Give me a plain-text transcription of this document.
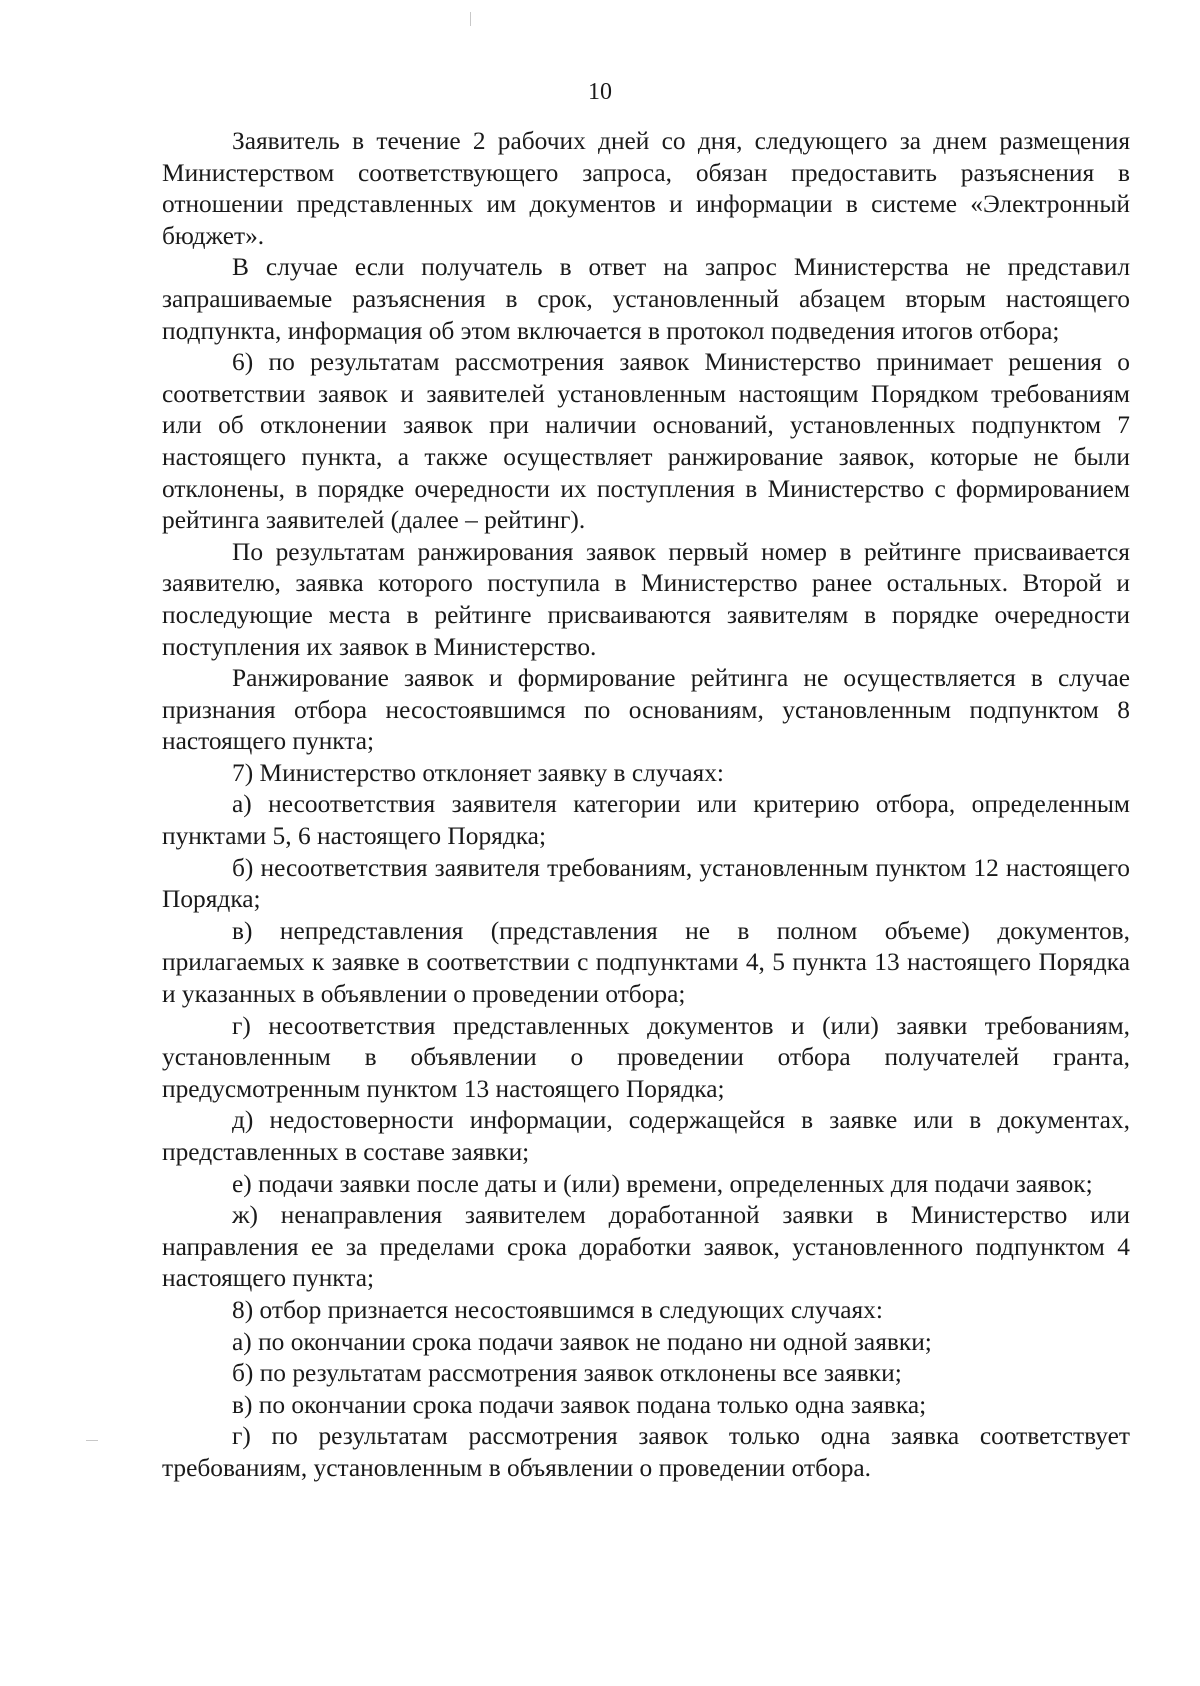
10

Заявитель в течение 2 рабочих дней со дня, следующего за днем размещения Министерством соответствующего запроса, обязан предоставить разъяснения в отношении представленных им документов и информации в системе «Электронный бюджет».

В случае если получатель в ответ на запрос Министерства не представил запрашиваемые разъяснения в срок, установленный абзацем вторым настоящего подпункта, информация об этом включается в протокол подведения итогов отбора;

6) по результатам рассмотрения заявок Министерство принимает решения о соответствии заявок и заявителей установленным настоящим Порядком требованиям или об отклонении заявок при наличии оснований, установленных подпунктом 7 настоящего пункта, а также осуществляет ранжирование заявок, которые не были отклонены, в порядке очередности их поступления в Министерство с формированием рейтинга заявителей (далее – рейтинг).

По результатам ранжирования заявок первый номер в рейтинге присваивается заявителю, заявка которого поступила в Министерство ранее остальных. Второй и последующие места в рейтинге присваиваются заявителям в порядке очередности поступления их заявок в Министерство.

Ранжирование заявок и формирование рейтинга не осуществляется в случае признания отбора несостоявшимся по основаниям, установленным подпунктом 8 настоящего пункта;

7) Министерство отклоняет заявку в случаях:

а) несоответствия заявителя категории или критерию отбора, определенным пунктами 5, 6 настоящего Порядка;

б) несоответствия заявителя требованиям, установленным пунктом 12 настоящего Порядка;

в) непредставления (представления не в полном объеме) документов, прилагаемых к заявке в соответствии с подпунктами 4, 5 пункта 13 настоящего Порядка и указанных в объявлении о проведении отбора;

г) несоответствия представленных документов и (или) заявки требованиям, установленным в объявлении о проведении отбора получателей гранта, предусмотренным пунктом 13 настоящего Порядка;

д) недостоверности информации, содержащейся в заявке или в документах, представленных в составе заявки;

е) подачи заявки после даты и (или) времени, определенных для подачи заявок;

ж) ненаправления заявителем доработанной заявки в Министерство или направления ее за пределами срока доработки заявок, установленного подпунктом 4 настоящего пункта;

8) отбор признается несостоявшимся в следующих случаях:

а) по окончании срока подачи заявок не подано ни одной заявки;

б) по результатам рассмотрения заявок отклонены все заявки;

в) по окончании срока подачи заявок подана только одна заявка;

г) по результатам рассмотрения заявок только одна заявка соответствует требованиям, установленным в объявлении о проведении отбора.
